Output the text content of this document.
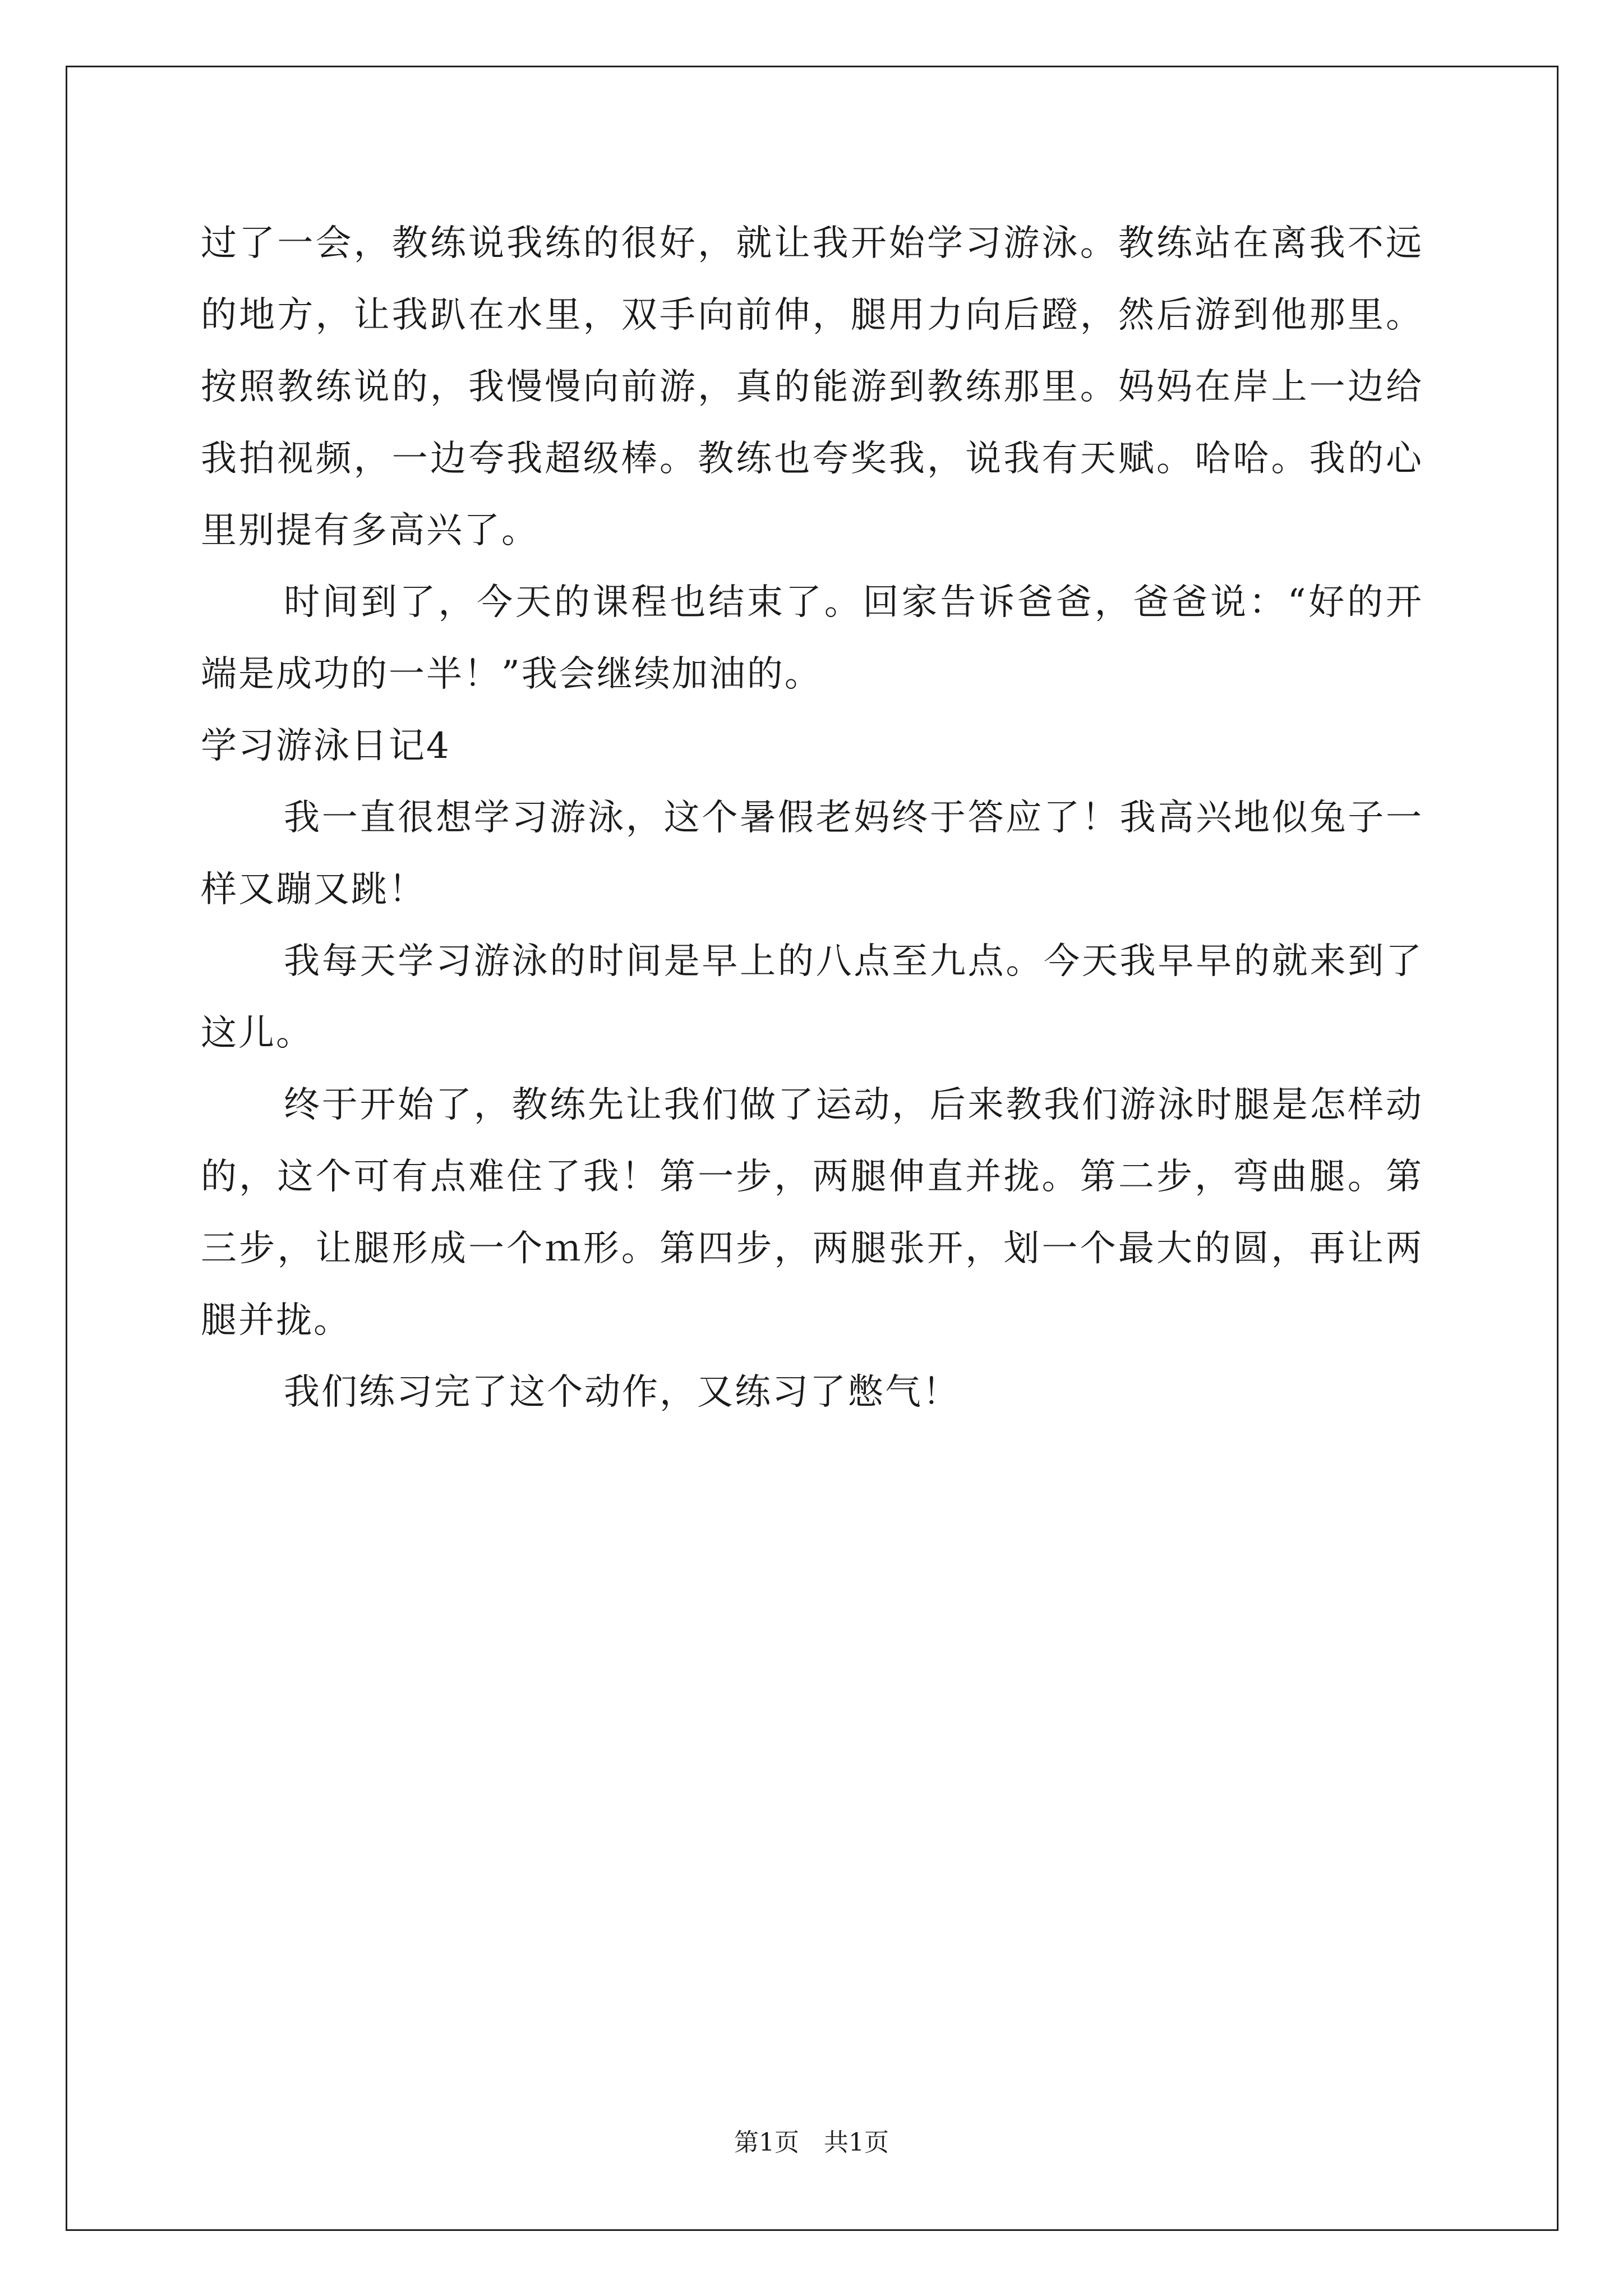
过了一会，教练说我练的很好，就让我开始学习游泳。教练站在离我不远的地方，让我趴在水里，双手向前伸，腿用力向后蹬，然后游到他那里。按照教练说的，我慢慢向前游，真的能游到教练那里。妈妈在岸上一边给我拍视频，一边夸我超级棒。教练也夸奖我，说我有天赋。哈哈。我的心里别提有多高兴了。

时间到了，今天的课程也结束了。回家告诉爸爸，爸爸说：“好的开端是成功的一半！”我会继续加油的。

学习游泳日记4

我一直很想学习游泳，这个暑假老妈终于答应了！我高兴地似兔子一样又蹦又跳！

我每天学习游泳的时间是早上的八点至九点。今天我早早的就来到了这儿。

终于开始了，教练先让我们做了运动，后来教我们游泳时腿是怎样动的，这个可有点难住了我！第一步，两腿伸直并拢。第二步，弯曲腿。第三步，让腿形成一个ｍ形。第四步，两腿张开，划一个最大的圆，再让两腿并拢。

我们练习完了这个动作，又练习了憋气！

第1页　共1页
